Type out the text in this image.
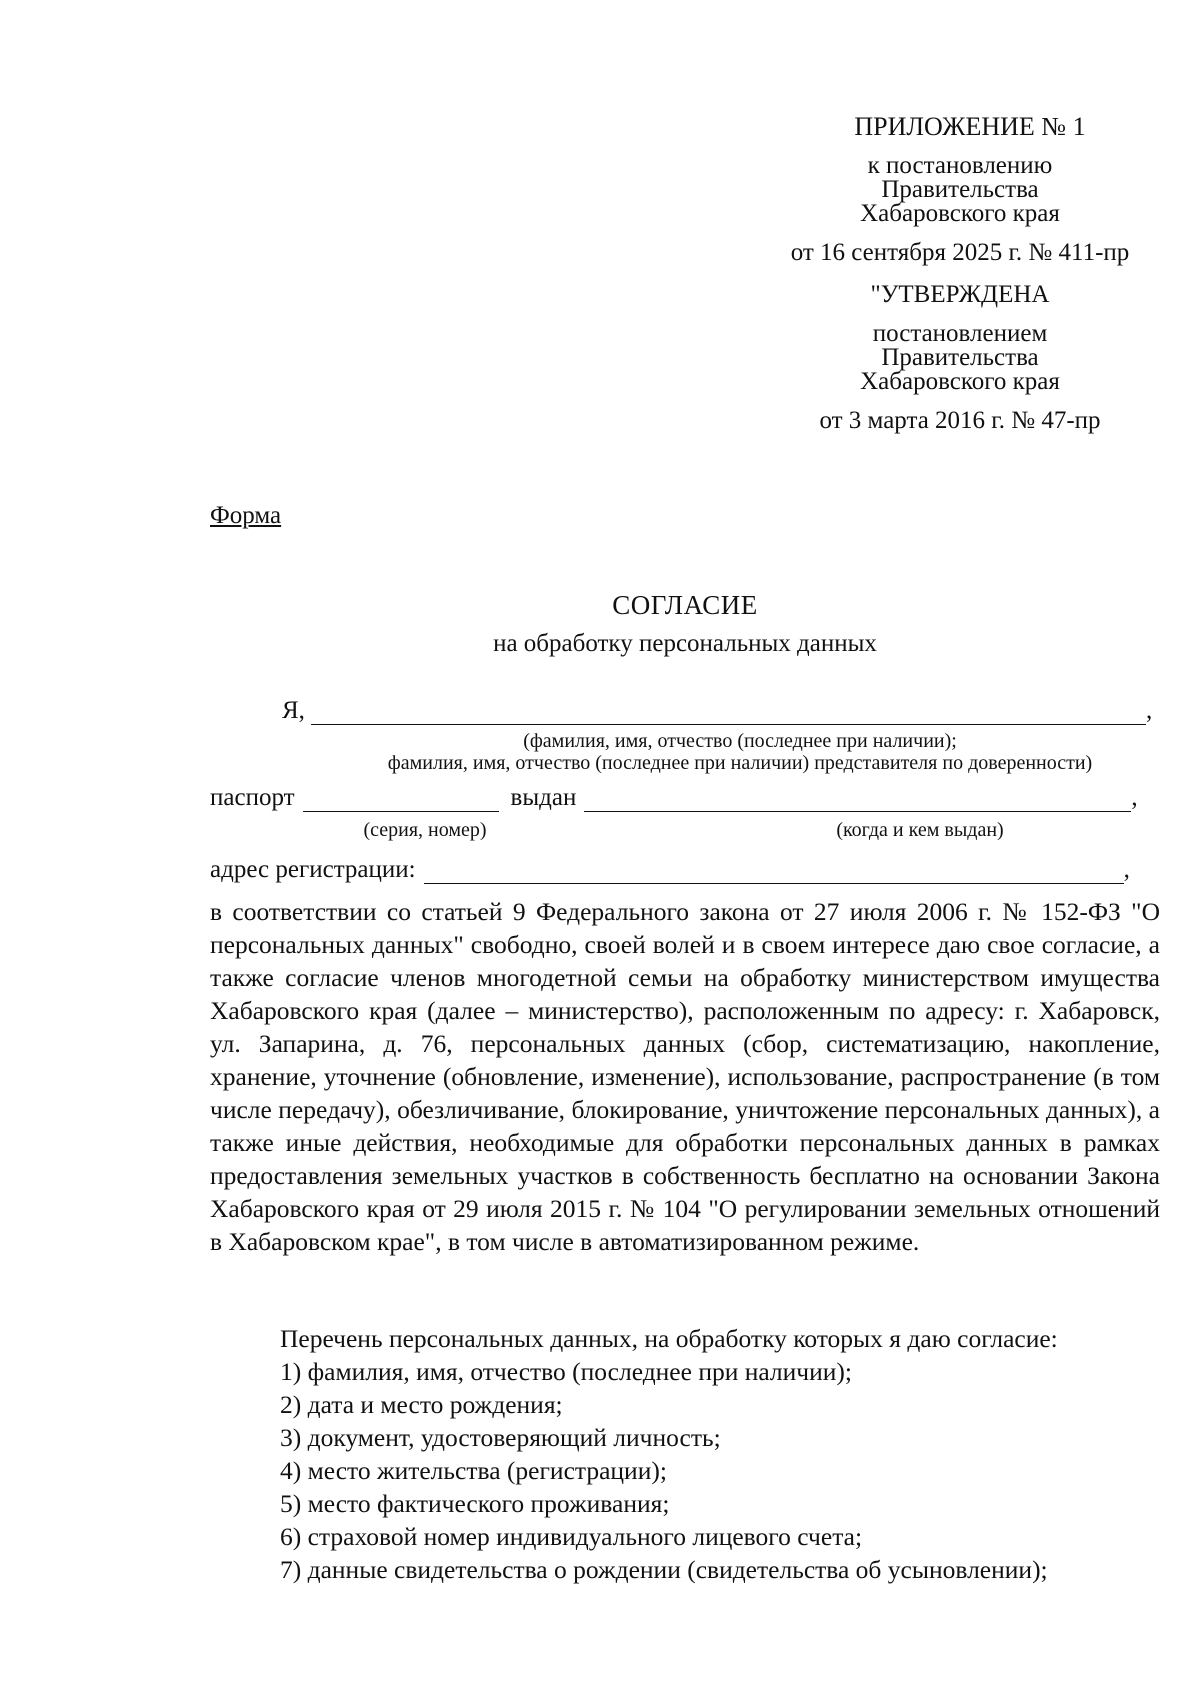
ПРИЛОЖЕНИЕ № 1
к постановлению
Правительства
Хабаровского края
от 16 сентября 2025 г. № 411-пр
"УТВЕРЖДЕНА
постановлением
Правительства
Хабаровского края
от 3 марта 2016 г. № 47-пр
Форма
СОГЛАСИЕ
на обработку персональных данных
Я,	,
(фамилия, имя, отчество (последнее при наличии);
фамилия, имя, отчество (последнее при наличии) представителя по доверенности)
паспорт	выдан	,
(серия, номер)	(когда и кем выдан)
адрес регистрации:	,
в соответствии со статьей 9 Федерального закона от 27 июля 2006 г. № 152-ФЗ "О персональных данных" свободно, своей волей и в своем интересе даю свое согласие, а также согласие членов многодетной семьи на обработку министерством имущества Хабаровского края (далее – министерство), расположенным по адресу: г. Хабаровск, ул. Запарина, д. 76, персональных данных (сбор, систематизацию, накопление, хранение, уточнение (обновление, изменение), использование, распространение (в том числе передачу), обезличивание, блокирование, уничтожение персональных данных), а также иные действия, необходимые для обработки персональных данных в рамках предоставления земельных участков в собственность бесплатно на основании Закона Хабаровского края от 29 июля 2015 г. № 104 "О регулировании земельных отношений в Хабаровском крае", в том числе в автоматизированном режиме.
Перечень персональных данных, на обработку которых я даю согласие:
1) фамилия, имя, отчество (последнее при наличии);
2) дата и место рождения;
3) документ, удостоверяющий личность;
4) место жительства (регистрации);
5) место фактического проживания;
6) страховой номер индивидуального лицевого счета;
7) данные свидетельства о рождении (свидетельства об усыновлении);
